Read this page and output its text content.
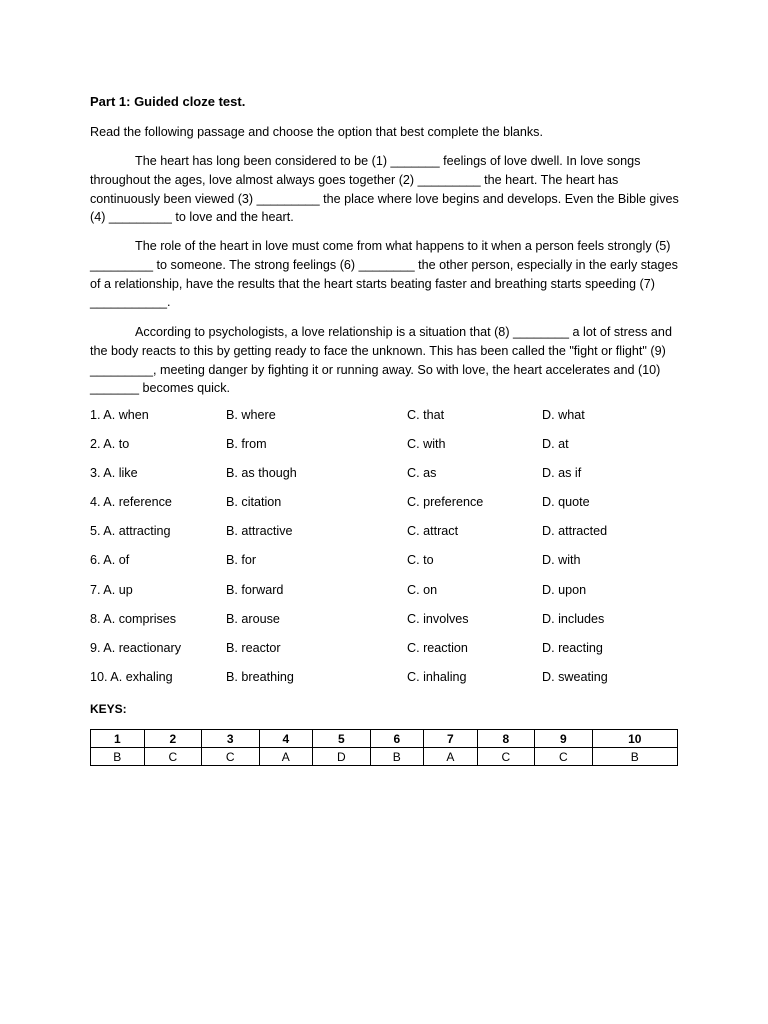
Part 1: Guided cloze test.
Read the following passage and choose the option that best complete the blanks.

The heart has long been considered to be (1) _______ feelings of love dwell. In love songs throughout the ages, love almost always goes together (2) _________ the heart. The heart has continuously been viewed (3) _________ the place where love begins and develops. Even the Bible gives (4) _________ to love and the heart.

The role of the heart in love must come from what happens to it when a person feels strongly (5) _________ to someone. The strong feelings (6) ________ the other person, especially in the early stages of a relationship, have the results that the heart starts beating faster and breathing starts speeding (7) ___________.

According to psychologists, a love relationship is a situation that (8) ________ a lot of stress and the body reacts to this by getting ready to face the unknown. This has been called the "fight or flight" (9) _________, meeting danger by fighting it or running away. So with love, the heart accelerates and (10) _______ becomes quick.

1. A. when	B. where	C. that	D. what
2. A. to	B. from	C. with	D. at
3. A. like	B. as though	C. as	D. as if
4. A. reference	B. citation	C. preference	D. quote
5. A. attracting	B. attractive	C. attract	D. attracted
6. A. of	B. for	C. to	D. with
7. A. up	B. forward	C. on	D. upon
8. A. comprises	B. arouse	C. involves	D. includes
9. A. reactionary	B. reactor	C. reaction	D. reacting
10. A. exhaling	B. breathing	C. inhaling	D. sweating
KEYS:
1	2	3	4	5	6	7	8	9	10
B	C	C	A	D	B	A	C	C	B
